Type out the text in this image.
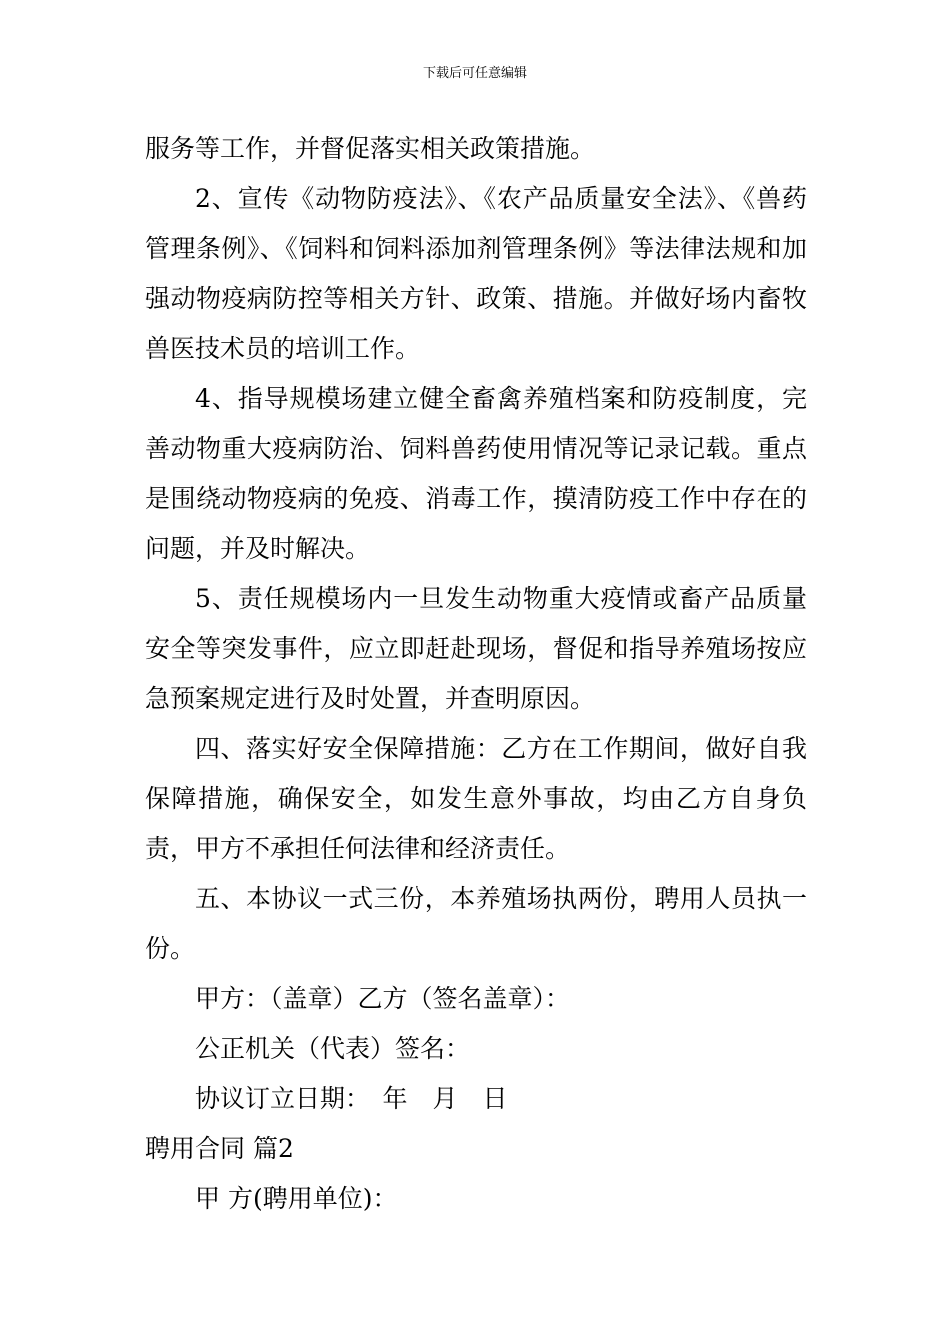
下载后可任意编辑

服务等工作，并督促落实相关政策措施。

2、宣传《动物防疫法》、《农产品质量安全法》、《兽药管理条例》、《饲料和饲料添加剂管理条例》等法律法规和加强动物疫病防控等相关方针、政策、措施。并做好场内畜牧兽医技术员的培训工作。

4、指导规模场建立健全畜禽养殖档案和防疫制度，完善动物重大疫病防治、饲料兽药使用情况等记录记载。重点是围绕动物疫病的免疫、消毒工作，摸清防疫工作中存在的问题，并及时解决。

5、责任规模场内一旦发生动物重大疫情或畜产品质量安全等突发事件，应立即赶赴现场，督促和指导养殖场按应急预案规定进行及时处置，并查明原因。

四、落实好安全保障措施：乙方在工作期间，做好自我保障措施，确保安全，如发生意外事故，均由乙方自身负责，甲方不承担任何法律和经济责任。

五、本协议一式三份，本养殖场执两份，聘用人员执一份。

甲方：（盖章）乙方（签名盖章）：

公正机关（代表）签名：

协议订立日期：　年　月　日

聘用合同 篇2

甲 方(聘用单位)：
